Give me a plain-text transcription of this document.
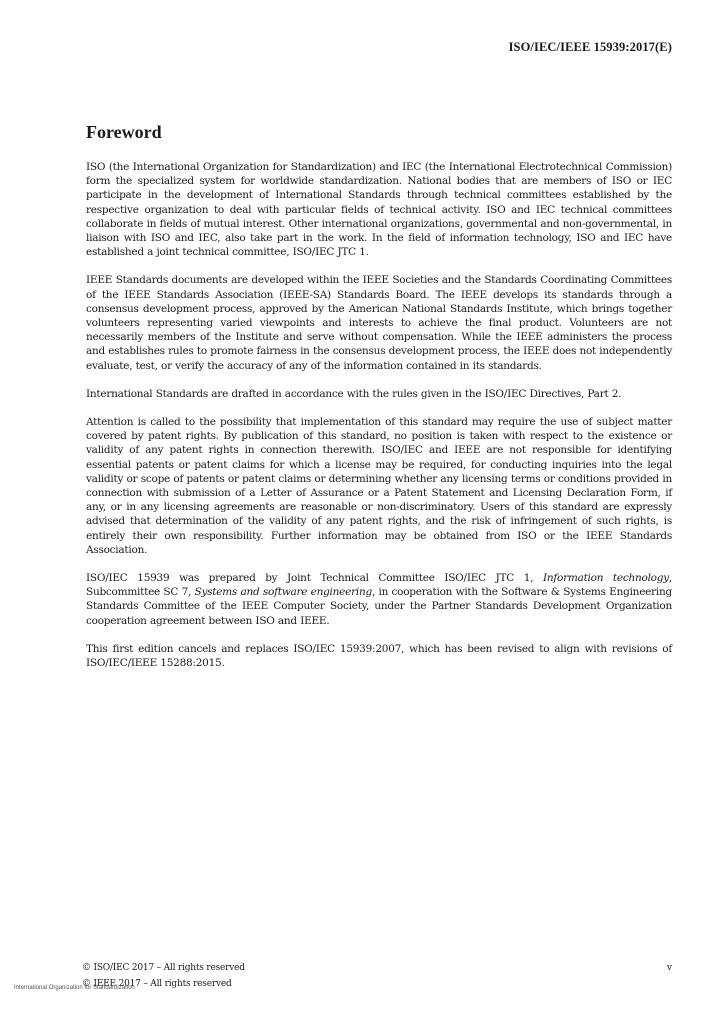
ISO/IEC/IEEE 15939:2017(E)
Foreword

ISO (the International Organization for Standardization) and IEC (the International Electrotechnical Commission) form the specialized system for worldwide standardization. National bodies that are members of ISO or IEC participate in the development of International Standards through technical committees established by the respective organization to deal with particular fields of technical activity. ISO and IEC technical committees collaborate in fields of mutual interest. Other international organizations, governmental and non-governmental, in liaison with ISO and IEC, also take part in the work. In the field of information technology, ISO and IEC have established a joint technical committee, ISO/IEC JTC 1.

IEEE Standards documents are developed within the IEEE Societies and the Standards Coordinating Committees of the IEEE Standards Association (IEEE-SA) Standards Board. The IEEE develops its standards through a consensus development process, approved by the American National Standards Institute, which brings together volunteers representing varied viewpoints and interests to achieve the final product. Volunteers are not necessarily members of the Institute and serve without compensation. While the IEEE administers the process and establishes rules to promote fairness in the consensus development process, the IEEE does not independently evaluate, test, or verify the accuracy of any of the information contained in its standards.

International Standards are drafted in accordance with the rules given in the ISO/IEC Directives, Part 2.

Attention is called to the possibility that implementation of this standard may require the use of subject matter covered by patent rights. By publication of this standard, no position is taken with respect to the existence or validity of any patent rights in connection therewith. ISO/IEC and IEEE are not responsible for identifying essential patents or patent claims for which a license may be required, for conducting inquiries into the legal validity or scope of patents or patent claims or determining whether any licensing terms or conditions provided in connection with submission of a Letter of Assurance or a Patent Statement and Licensing Declaration Form, if any, or in any licensing agreements are reasonable or non-discriminatory. Users of this standard are expressly advised that determination of the validity of any patent rights, and the risk of infringement of such rights, is entirely their own responsibility. Further information may be obtained from ISO or the IEEE Standards Association.

ISO/IEC 15939 was prepared by Joint Technical Committee ISO/IEC JTC 1, Information technology, Subcommittee SC 7, Systems and software engineering, in cooperation with the Software & Systems Engineering Standards Committee of the IEEE Computer Society, under the Partner Standards Development Organization cooperation agreement between ISO and IEEE.

This first edition cancels and replaces ISO/IEC 15939:2007, which has been revised to align with revisions of ISO/IEC/IEEE 15288:2015.

© ISO/IEC 2017 – All rights reserved	v
International Organization for Standardization
© IEEE 2017 – All rights reserved
